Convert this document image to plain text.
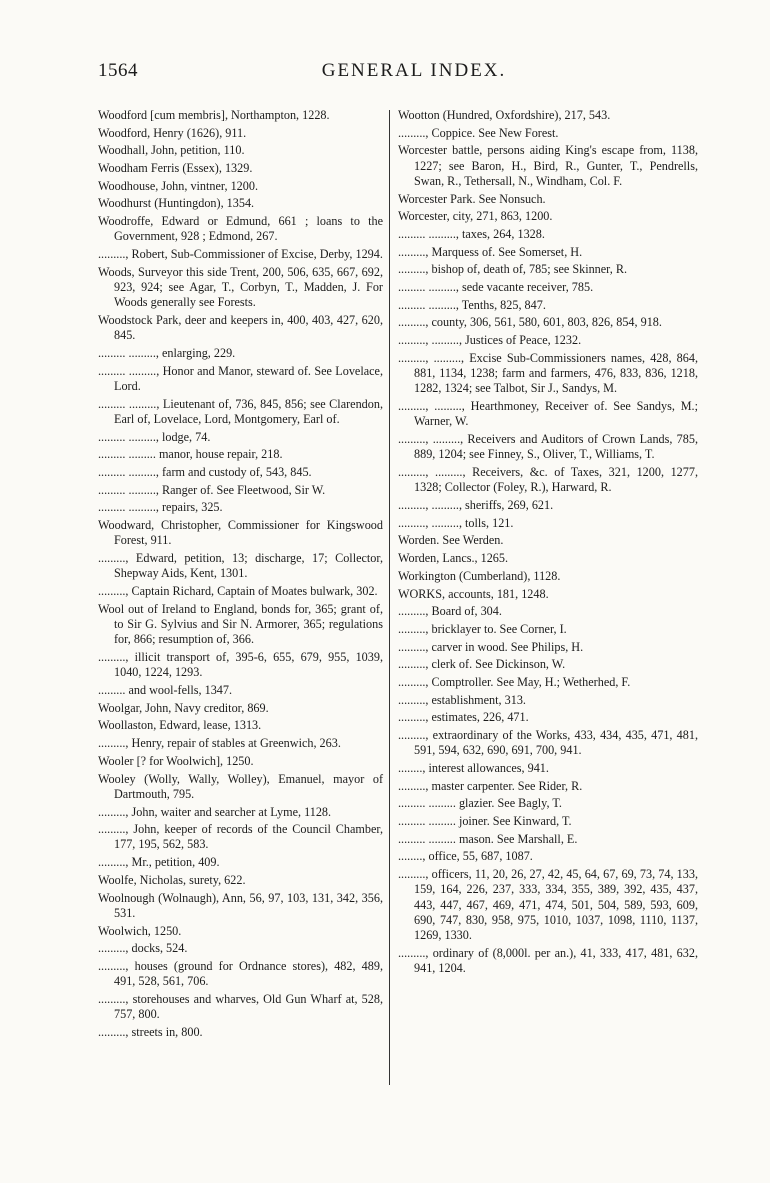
1564	GENERAL INDEX.
Woodford [cum membris], Northampton, 1228.
Woodford, Henry (1626), 911.
Woodhall, John, petition, 110.
Woodham Ferris (Essex), 1329.
Woodhouse, John, vintner, 1200.
Woodhurst (Huntingdon), 1354.
Woodroffe, Edward or Edmund, 661 ; loans to the Government, 928 ; Edmond, 267.
........., Robert, Sub-Commissioner of Excise, Derby, 1294.
Woods, Surveyor this side Trent, 200, 506, 635, 667, 692, 923, 924; see Agar, T., Corbyn, T., Madden, J. For Woods generally see Forests.
Woodstock Park, deer and keepers in, 400, 403, 427, 620, 845.
......... ........., enlarging, 229.
......... ........., Honor and Manor, steward of. See Lovelace, Lord.
......... ........., Lieutenant of, 736, 845, 856; see Clarendon, Earl of, Lovelace, Lord, Montgomery, Earl of.
......... ........., lodge, 74.
......... ......... manor, house repair, 218.
......... ........., farm and custody of, 543, 845.
......... ........., Ranger of. See Fleetwood, Sir W.
......... ........., repairs, 325.
Woodward, Christopher, Commissioner for Kingswood Forest, 911.
........., Edward, petition, 13; discharge, 17; Collector, Shepway Aids, Kent, 1301.
........., Captain Richard, Captain of Moates bulwark, 302.
Wool out of Ireland to England, bonds for, 365; grant of, to Sir G. Sylvius and Sir N. Armorer, 365; regulations for, 866; resumption of, 366.
........., illicit transport of, 395-6, 655, 679, 955, 1039, 1040, 1224, 1293.
......... and wool-fells, 1347.
Woolgar, John, Navy creditor, 869.
Woollaston, Edward, lease, 1313.
........., Henry, repair of stables at Greenwich, 263.
Wooler [? for Woolwich], 1250.
Wooley (Wolly, Wally, Wolley), Emanuel, mayor of Dartmouth, 795.
........., John, waiter and searcher at Lyme, 1128.
........., John, keeper of records of the Council Chamber, 177, 195, 562, 583.
........., Mr., petition, 409.
Woolfe, Nicholas, surety, 622.
Woolnough (Wolnaugh), Ann, 56, 97, 103, 131, 342, 356, 531.
Woolwich, 1250.
........., docks, 524.
........., houses (ground for Ordnance stores), 482, 489, 491, 528, 561, 706.
........., storehouses and wharves, Old Gun Wharf at, 528, 757, 800.
........., streets in, 800.
Wootton (Hundred, Oxfordshire), 217, 543.
........., Coppice. See New Forest.
Worcester battle, persons aiding King's escape from, 1138, 1227; see Baron, H., Bird, R., Gunter, T., Pendrells, Swan, R., Tethersall, N., Windham, Col. F.
Worcester Park. See Nonsuch.
Worcester, city, 271, 863, 1200.
......... ........., taxes, 264, 1328.
........., Marquess of. See Somerset, H.
........., bishop of, death of, 785; see Skinner, R.
......... ........., sede vacante receiver, 785.
......... ........., Tenths, 825, 847.
........., county, 306, 561, 580, 601, 803, 826, 854, 918.
........., ........., Justices of Peace, 1232.
........., ........., Excise Sub-Commissioners names, 428, 864, 881, 1134, 1238; farm and farmers, 476, 833, 836, 1218, 1282, 1324; see Talbot, Sir J., Sandys, M.
........., ........., Hearthmoney, Receiver of. See Sandys, M.; Warner, W.
........., ........., Receivers and Auditors of Crown Lands, 785, 889, 1204; see Finney, S., Oliver, T., Williams, T.
........., ........., Receivers, &c. of Taxes, 321, 1200, 1277, 1328; Collector (Foley, R.), Harward, R.
........., ........., sheriffs, 269, 621.
........., ........., tolls, 121.
Worden. See Werden.
Worden, Lancs., 1265.
Workington (Cumberland), 1128.
WORKS, accounts, 181, 1248.
........., Board of, 304.
........., bricklayer to. See Corner, I.
........., carver in wood. See Philips, H.
........., clerk of. See Dickinson, W.
........., Comptroller. See May, H.; Wetherhed, F.
........., establishment, 313.
........., estimates, 226, 471.
........., extraordinary of the Works, 433, 434, 435, 471, 481, 591, 594, 632, 690, 691, 700, 941.
........, interest allowances, 941.
........., master carpenter. See Rider, R.
......... ......... glazier. See Bagly, T.
......... ......... joiner. See Kinward, T.
......... ......... mason. See Marshall, E.
........, office, 55, 687, 1087.
........., officers, 11, 20, 26, 27, 42, 45, 64, 67, 69, 73, 74, 133, 159, 164, 226, 237, 333, 334, 355, 389, 392, 435, 437, 443, 447, 467, 469, 471, 474, 501, 504, 589, 593, 609, 690, 747, 830, 958, 975, 1010, 1037, 1098, 1110, 1137, 1269, 1330.
........., ordinary of (8,000l. per an.), 41, 333, 417, 481, 632, 941, 1204.
